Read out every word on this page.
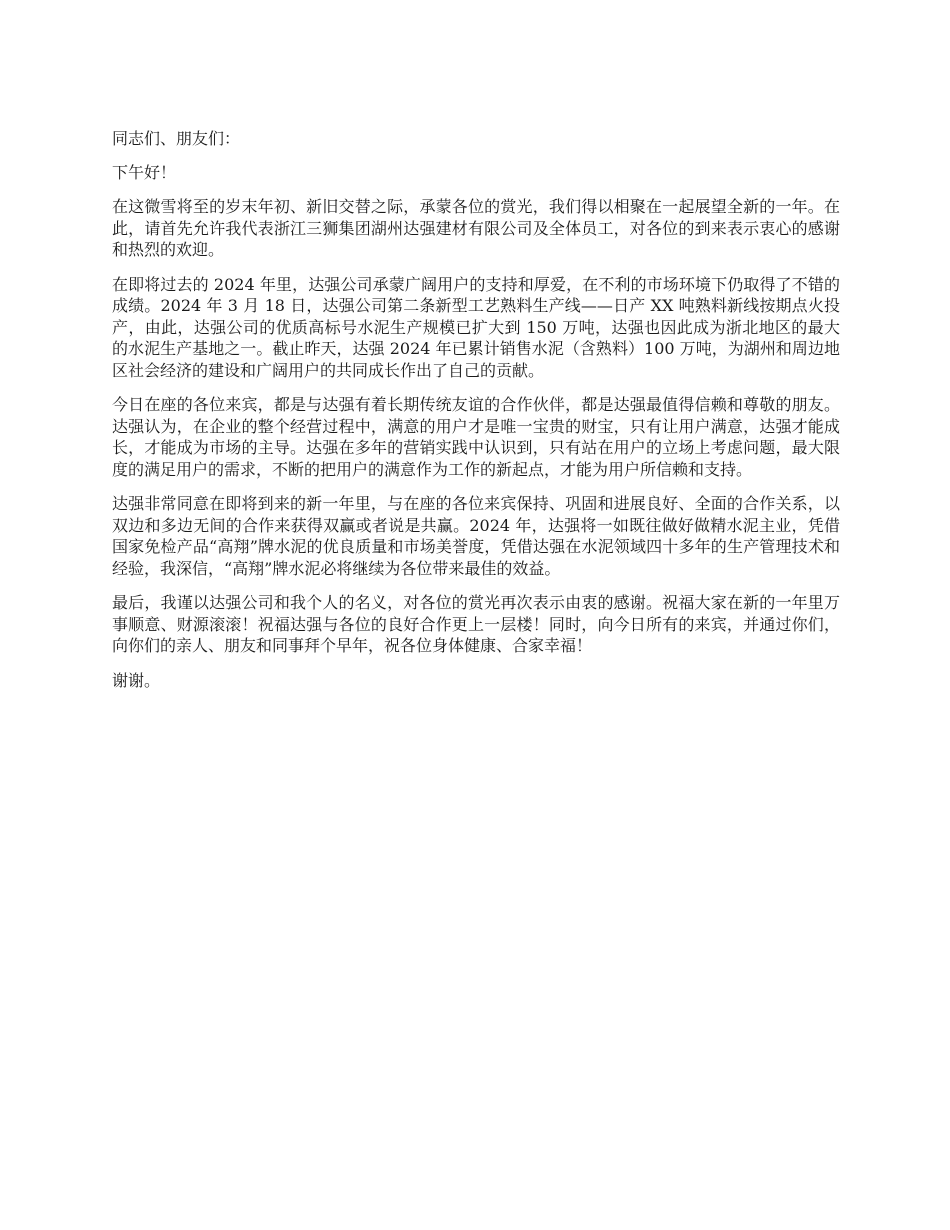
同志们、朋友们：

下午好！

在这微雪将至的岁末年初、新旧交替之际，承蒙各位的赏光，我们得以相聚在一起展望全新的一年。在此，请首先允许我代表浙江三狮集团湖州达强建材有限公司及全体员工，对各位的到来表示衷心的感谢和热烈的欢迎。

在即将过去的 2024 年里，达强公司承蒙广阔用户的支持和厚爱，在不利的市场环境下仍取得了不错的成绩。2024 年 3 月 18 日，达强公司第二条新型工艺熟料生产线——日产 XX 吨熟料新线按期点火投产，由此，达强公司的优质高标号水泥生产规模已扩大到 150 万吨，达强也因此成为浙北地区的最大的水泥生产基地之一。截止昨天，达强 2024 年已累计销售水泥（含熟料）100 万吨，为湖州和周边地区社会经济的建设和广阔用户的共同成长作出了自己的贡献。

今日在座的各位来宾，都是与达强有着长期传统友谊的合作伙伴，都是达强最值得信赖和尊敬的朋友。达强认为，在企业的整个经营过程中，满意的用户才是唯一宝贵的财宝，只有让用户满意，达强才能成长，才能成为市场的主导。达强在多年的营销实践中认识到，只有站在用户的立场上考虑问题，最大限度的满足用户的需求，不断的把用户的满意作为工作的新起点，才能为用户所信赖和支持。

达强非常同意在即将到来的新一年里，与在座的各位来宾保持、巩固和进展良好、全面的合作关系，以双边和多边无间的合作来获得双赢或者说是共赢。2024 年，达强将一如既往做好做精水泥主业，凭借国家免检产品“高翔”牌水泥的优良质量和市场美誉度，凭借达强在水泥领域四十多年的生产管理技术和经验，我深信，“高翔”牌水泥必将继续为各位带来最佳的效益。

最后，我谨以达强公司和我个人的名义，对各位的赏光再次表示由衷的感谢。祝福大家在新的一年里万事顺意、财源滚滚！祝福达强与各位的良好合作更上一层楼！同时，向今日所有的来宾，并通过你们，向你们的亲人、朋友和同事拜个早年，祝各位身体健康、合家幸福！

谢谢。
